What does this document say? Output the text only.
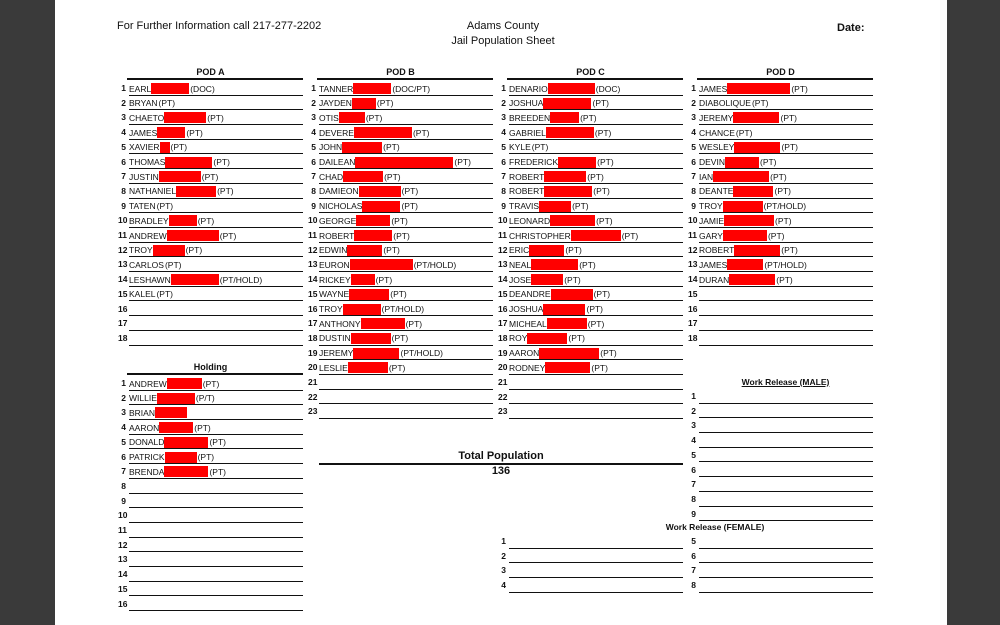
For Further Information call 217-277-2202	Adams County
Jail Population Sheet
Date:
POD A
1 EARL	(DOC)
2 BRYAN (PT)
3 CHAETO	(PT)
4 JAMES	(PT)
5 XAVIER (PT)
6 THOMAS	(PT)
7 JUSTIN	(PT)
8 NATHANIEL	(PT)
9 TATEN (PT)
10 BRADLEY	(PT)
11 ANDREW	(PT)
12 TROY	(PT)
13 CARLOS (PT)
14 LESHAWN	(PT/HOLD)
15 KALEL (PT)
16
17
18
POD B
1 TANNER	(DOC/PT)
2 JAYDEN	(PT)
3 OTIS	(PT)
4 DEVERE	(PT)
5 JOHN	(PT)
6 DAILEAN	(PT)
7 CHAD	(PT)
8 DAMIEON	(PT)
9 NICHOLAS	(PT)
10 GEORGE	(PT)
11 ROBERT	(PT)
12 EDWIN	(PT)
13 EURON	(PT/HOLD)
14 RICKEY	(PT)
15 WAYNE	(PT)
16 TROY	(PT/HOLD)
17 ANTHONY	(PT)
18 DUSTIN	(PT)
19 JEREMY	(PT/HOLD)
20 LESLIE	(PT)
21
22
23
POD C
1 DENARIO	(DOC)
2 JOSHUA	(PT)
3 BREEDEN	(PT)
4 GABRIEL	(PT)
5 KYLE (PT)
6 FREDERICK	(PT)
7 ROBERT	(PT)
8 ROBERT	(PT)
9 TRAVIS	(PT)
10 LEONARD	(PT)
11 CHRISTOPHER	(PT)
12 ERIC	(PT)
13 NEAL	(PT)
14 JOSE	(PT)
15 DEANDRE	(PT)
16 JOSHUA	(PT)
17 MICHEAL	(PT)
18 ROY	(PT)
19 AARON	(PT)
20 RODNEY	(PT)
21
22
23
POD D
1 JAMES	(PT)
2 DIABOLIQUE (PT)
3 JEREMY	(PT)
4 CHANCE (PT)
5 WESLEY	(PT)
6 DEVIN	(PT)
7 IAN	(PT)
8 DEANTE	(PT)
9 TROY	(PT/HOLD)
10 JAMIE	(PT)
11 GARY	(PT)
12 ROBERT	(PT)
13 JAMES	(PT/HOLD)
14 DURAN	(PT)
15
16
17
18
Holding
1 ANDREW	(PT)
2 WILLIE	(P/T)
3 BRIAN
4 AARON	(PT)
5 DONALD	(PT)
6 PATRICK	(PT)
7 BRENDA	(PT)
8
9
10
11
12
13
14
15
16
Total Population
136
Work Release (MALE)
1
2
3
4
5
6
7
8
9
Work Release (FEMALE)
1
2
3
4
5
6
7
8
